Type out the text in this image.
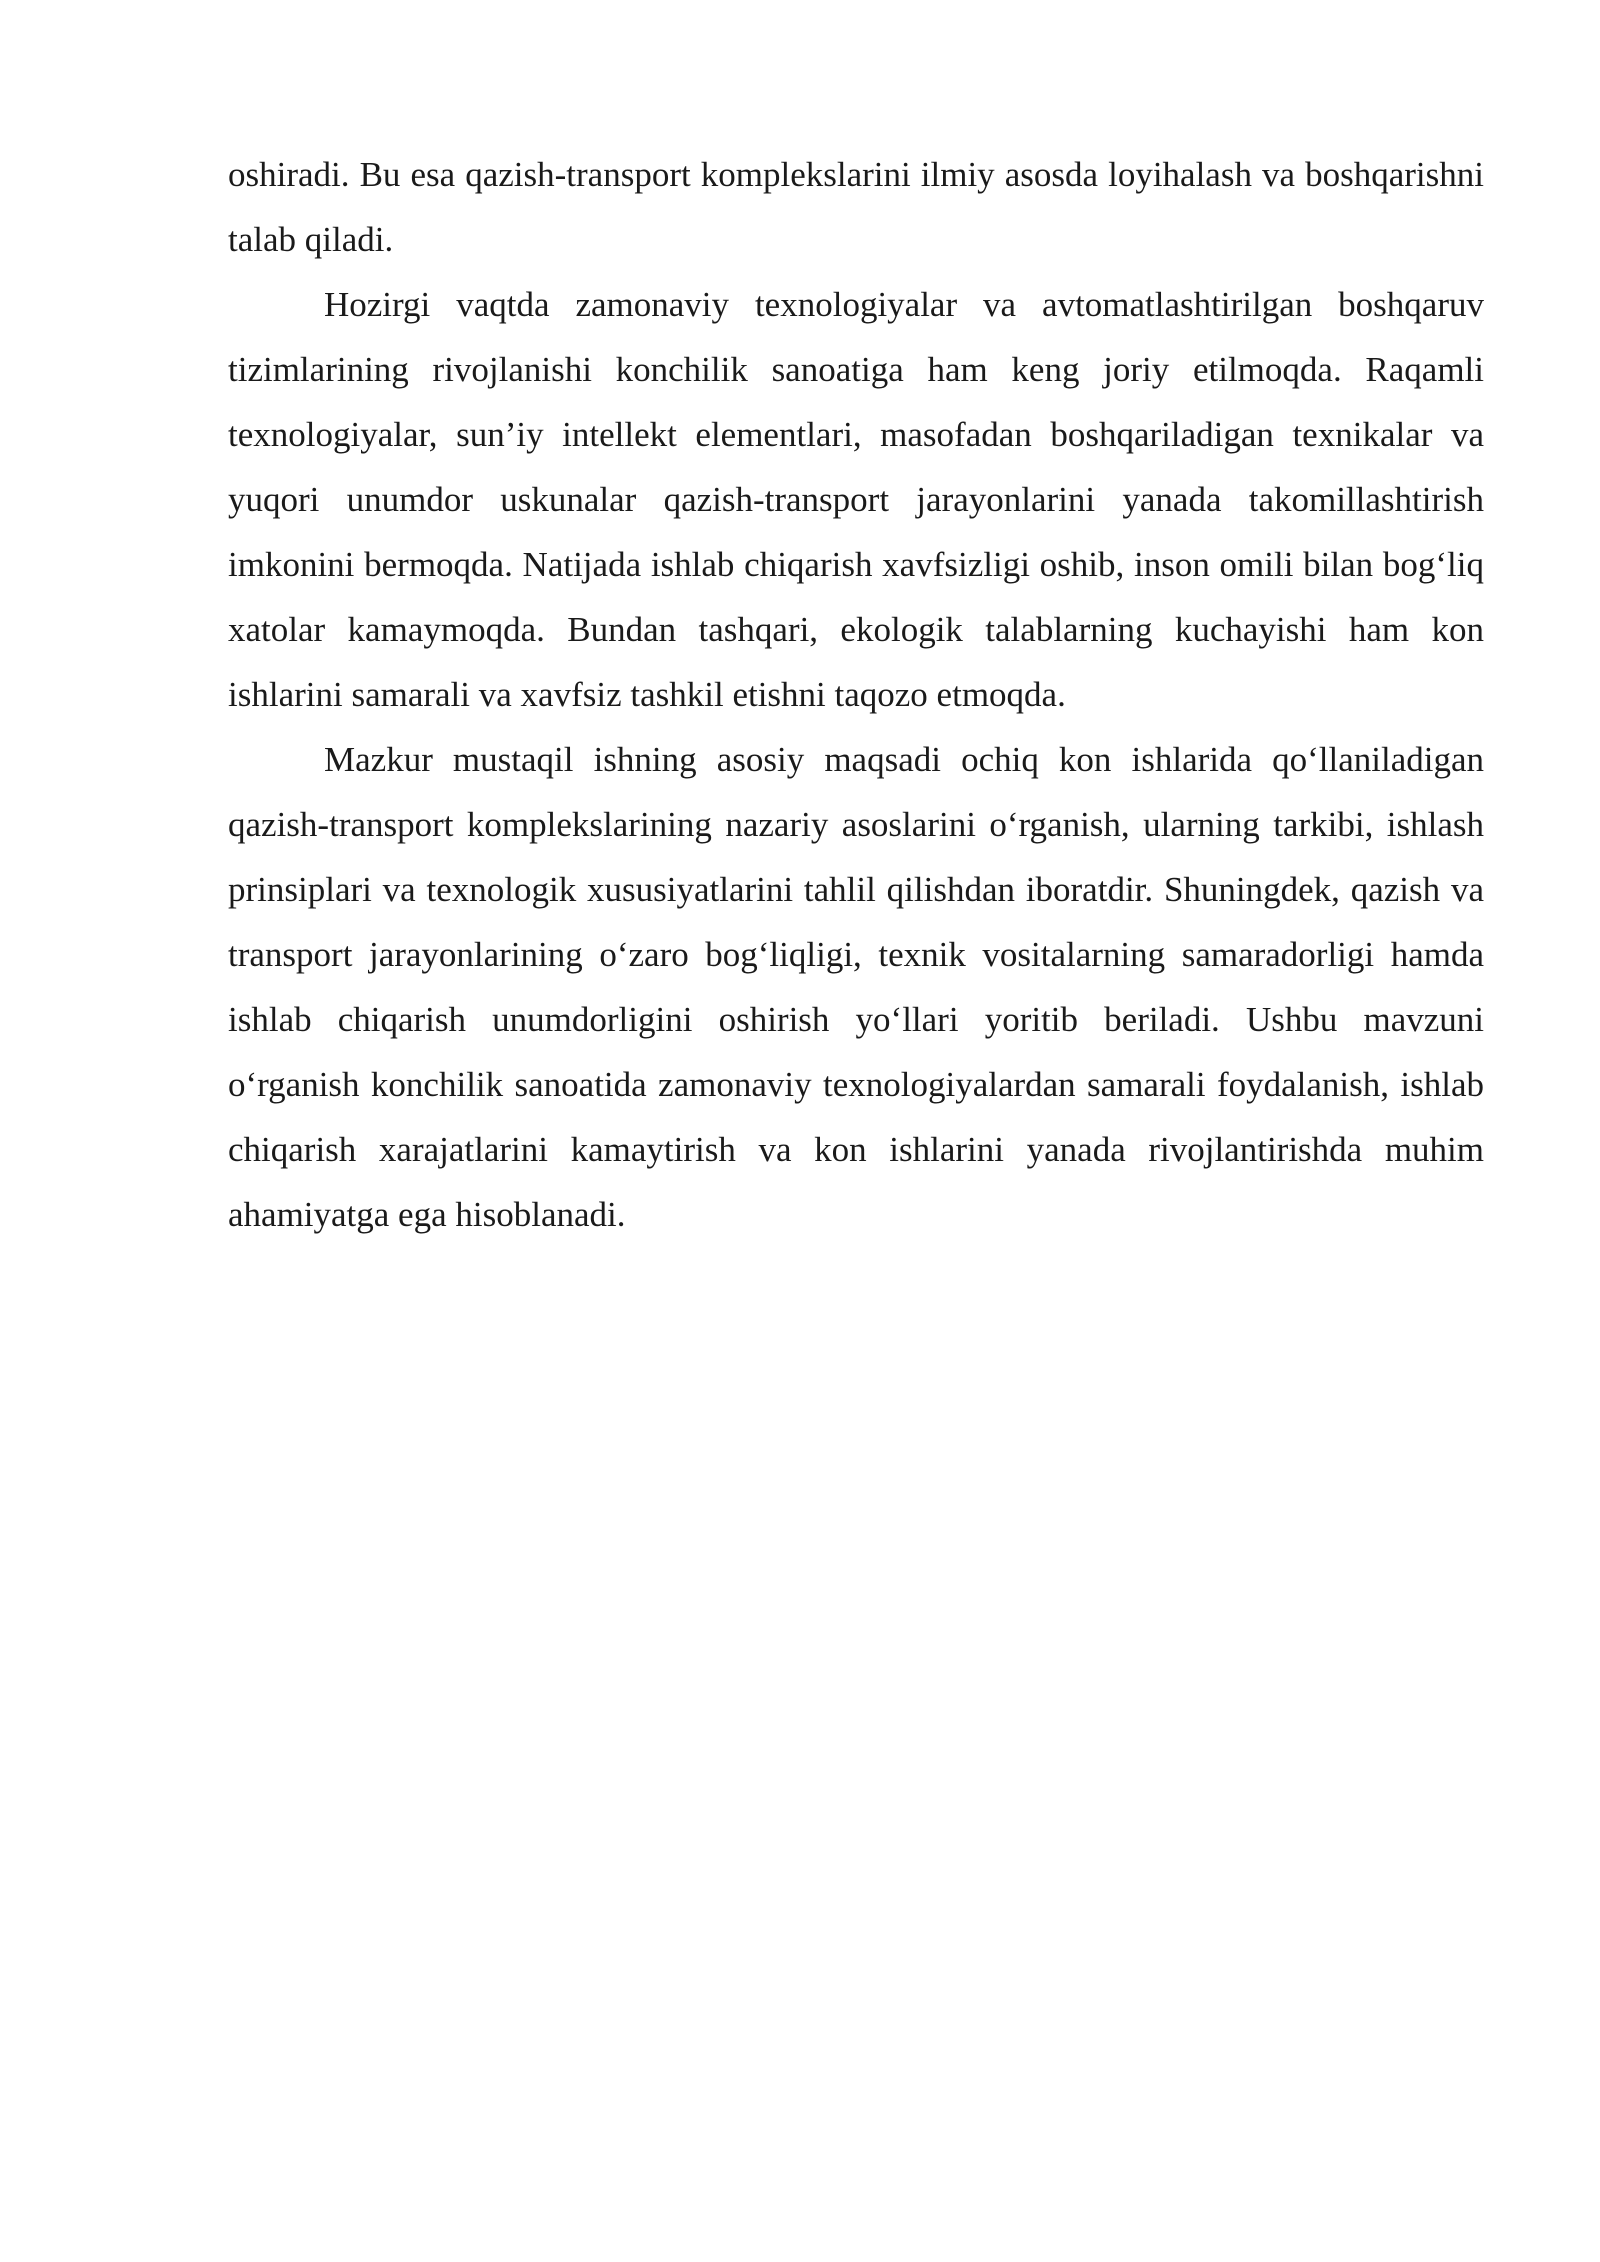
oshiradi. Bu esa qazish-transport komplekslarini ilmiy asosda loyihalash va boshqarishni talab qiladi.

Hozirgi vaqtda zamonaviy texnologiyalar va avtomatlashtirilgan boshqaruv tizimlarining rivojlanishi konchilik sanoatiga ham keng joriy etilmoqda. Raqamli texnologiyalar, sun’iy intellekt elementlari, masofadan boshqariladigan texnikalar va yuqori unumdor uskunalar qazish-transport jarayonlarini yanada takomillashtirish imkonini bermoqda. Natijada ishlab chiqarish xavfsizligi oshib, inson omili bilan bog‘liq xatolar kamaymoqda. Bundan tashqari, ekologik talablarning kuchayishi ham kon ishlarini samarali va xavfsiz tashkil etishni taqozo etmoqda.

Mazkur mustaqil ishning asosiy maqsadi ochiq kon ishlarida qo‘llaniladigan qazish-transport komplekslarining nazariy asoslarini o‘rganish, ularning tarkibi, ishlash prinsiplari va texnologik xususiyatlarini tahlil qilishdan iboratdir. Shuningdek, qazish va transport jarayonlarining o‘zaro bog‘liqligi, texnik vositalarning samaradorligi hamda ishlab chiqarish unumdorligini oshirish yo‘llari yoritib beriladi. Ushbu mavzuni o‘rganish konchilik sanoatida zamonaviy texnologiyalardan samarali foydalanish, ishlab chiqarish xarajatlarini kamaytirish va kon ishlarini yanada rivojlantirishda muhim ahamiyatga ega hisoblanadi.
